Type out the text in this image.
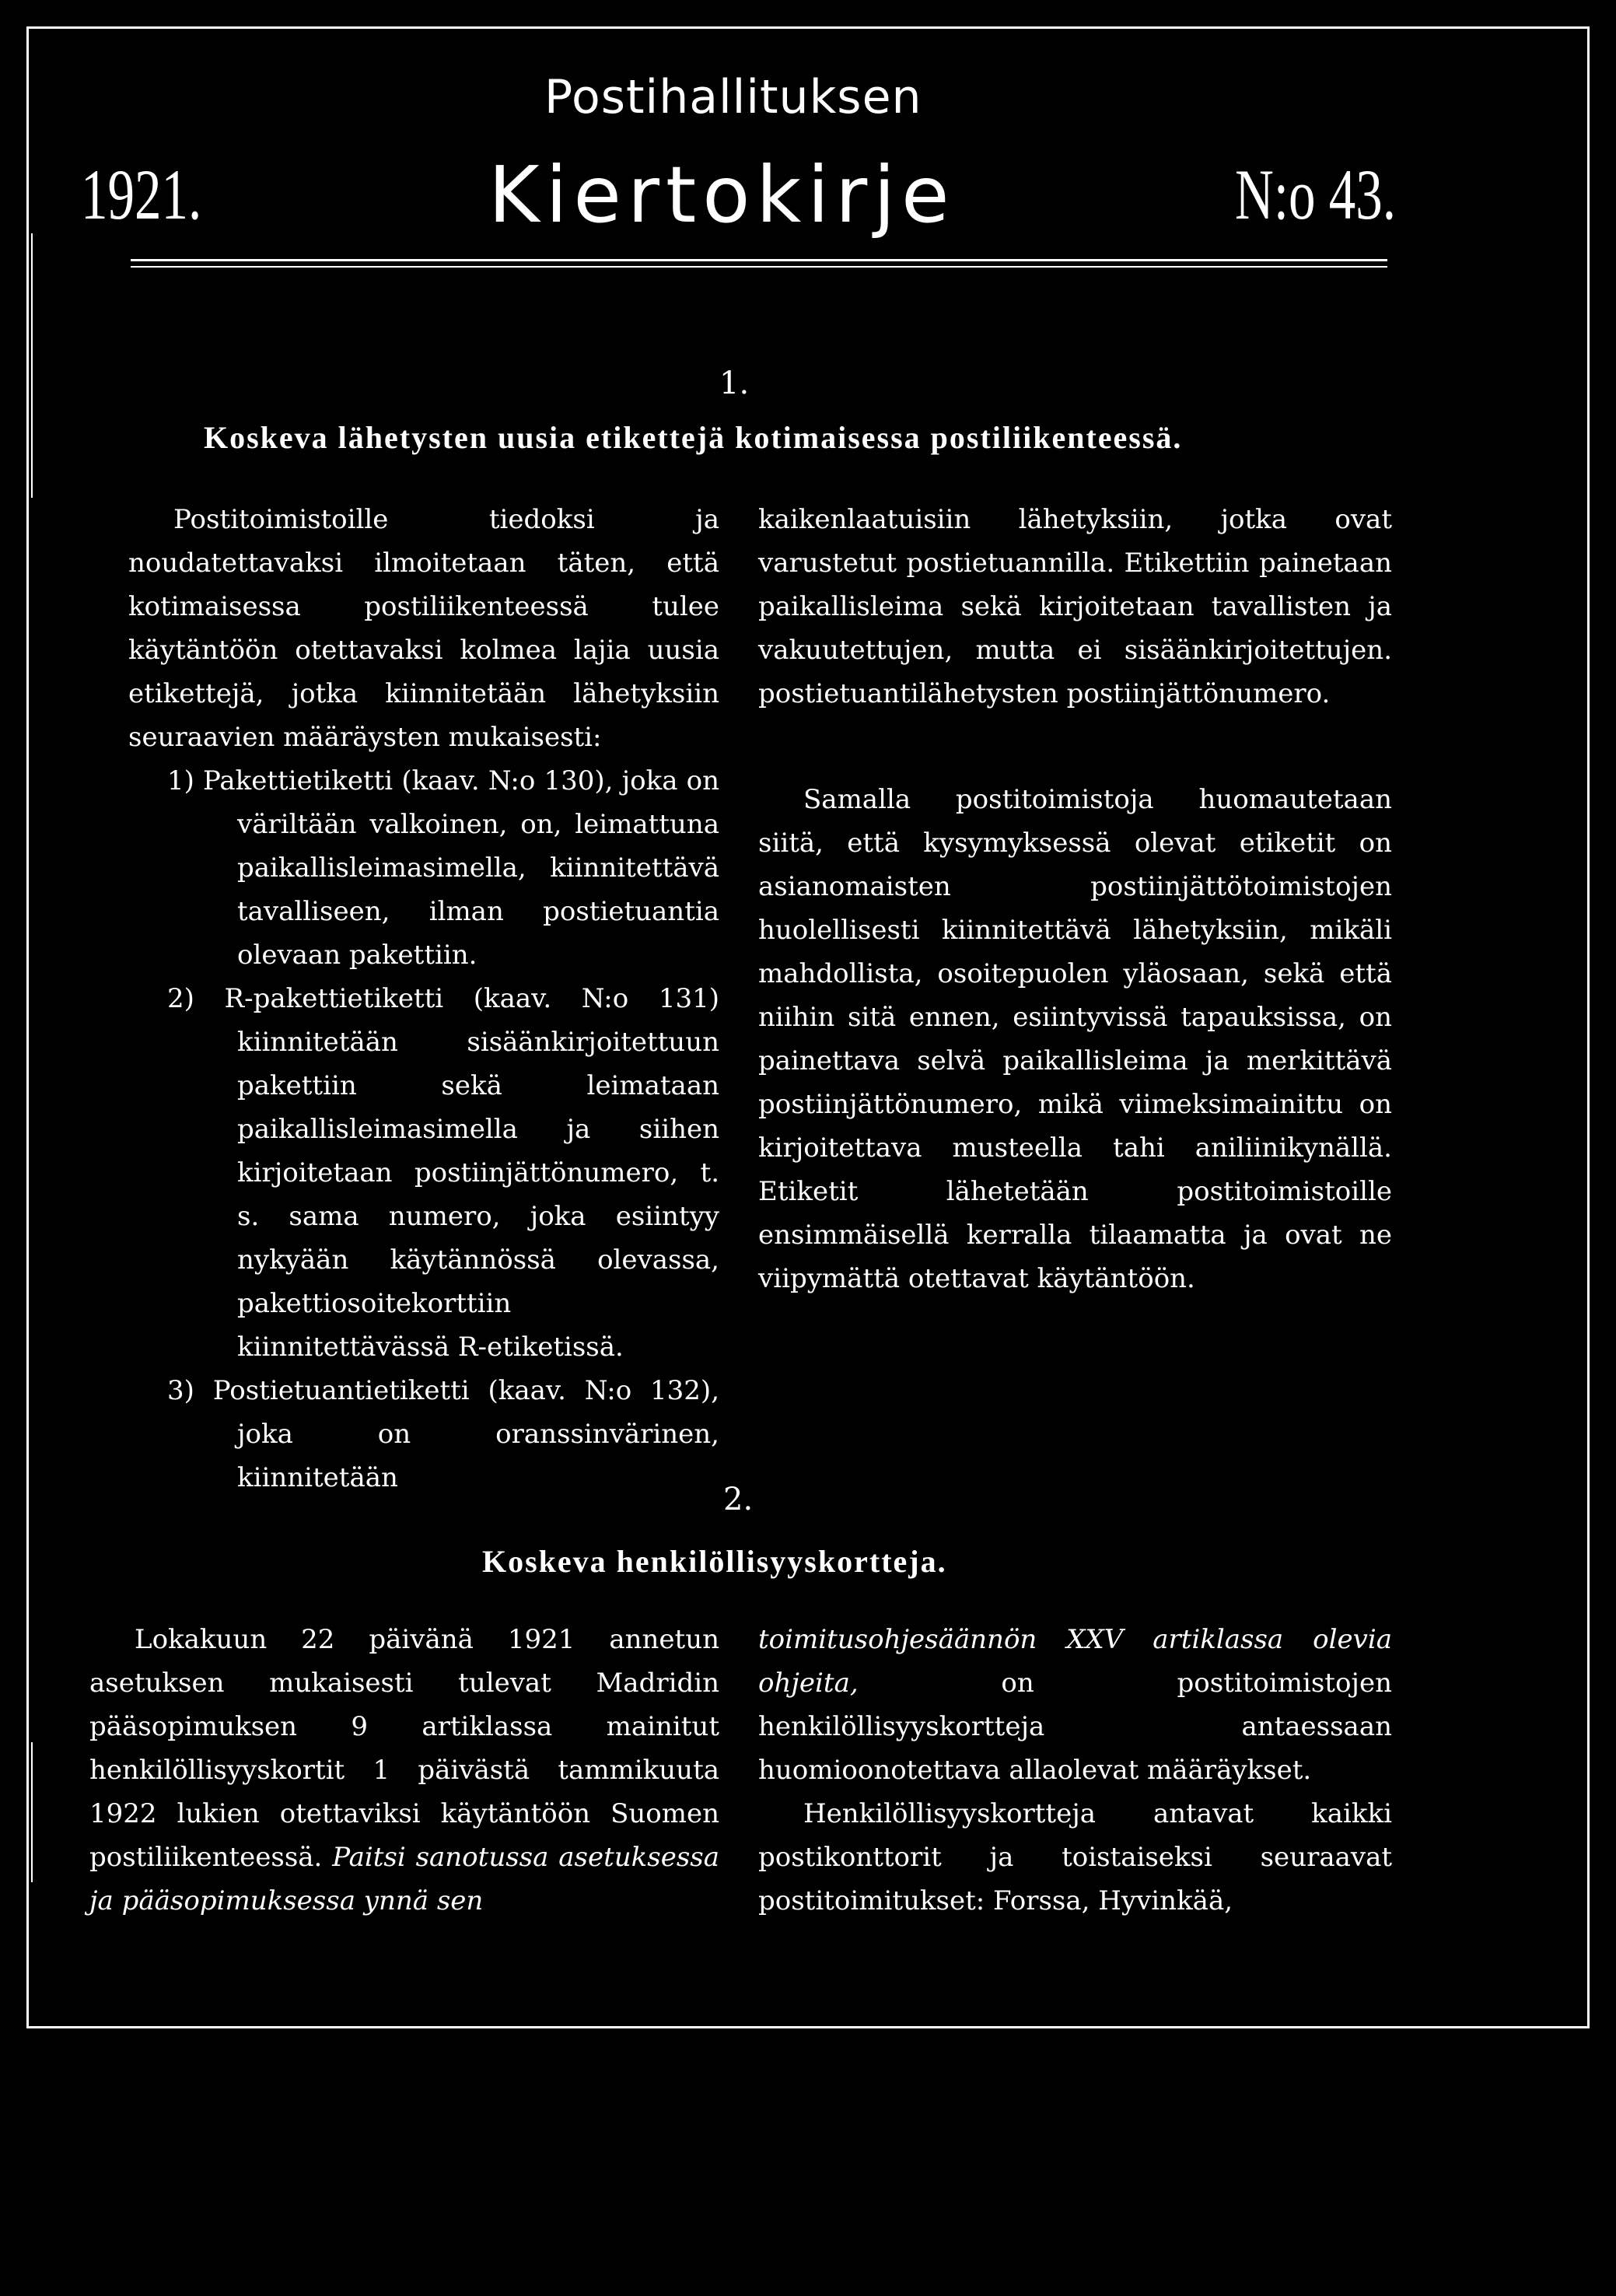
Postihallituksen
1921.	Kiertokirje	N:o 43.
1.
Koskeva lähetysten uusia etikettejä kotimaisessa postiliikenteessä.

Postitoimistoille tiedoksi ja noudatettavaksi ilmoitetaan täten, että kotimaisessa postiliikenteessä tulee käytäntöön otettavaksi kolmea lajia uusia etikettejä, jotka kiinnitetään lähetyksiin seuraavien määräysten mukaisesti:

1) Pakettietiketti (kaav. N:o 130), joka on väriltään valkoinen, on, leimattuna paikallisleimasimella, kiinnitettävä tavalliseen, ilman postietuantia olevaan pakettiin.

2) R-pakettietiketti (kaav. N:o 131) kiinnitetään sisäänkirjoitettuun pakettiin sekä leimataan paikallisleimasimella ja siihen kirjoitetaan postiinjättönumero, t. s. sama numero, joka esiintyy nykyään käytännössä olevassa, pakettiosoitekorttiin kiinnitettävässä R-etiketissä.

3) Postietuantietiketti (kaav. N:o 132), joka on oranssinvärinen, kiinnitetään

kaikenlaatuisiin lähetyksiin, jotka ovat varustetut postietuannilla. Etikettiin painetaan paikallisleima sekä kirjoitetaan tavallisten ja vakuutettujen, mutta ei sisäänkirjoitettujen. postietuantilähetysten postiinjättönumero.

Samalla postitoimistoja huomautetaan siitä, että kysymyksessä olevat etiketit on asianomaisten postiinjättötoimistojen huolellisesti kiinnitettävä lähetyksiin, mikäli mahdollista, osoitepuolen yläosaan, sekä että niihin sitä ennen, esiintyvissä tapauksissa, on painettava selvä paikallisleima ja merkittävä postiinjättönumero, mikä viimeksimainittu on kirjoitettava musteella tahi aniliinikynällä. Etiketit lähetetään postitoimistoille ensimmäisellä kerralla tilaamatta ja ovat ne viipymättä otettavat käytäntöön.

2.
Koskeva henkilöllisyyskortteja.

Lokakuun 22 päivänä 1921 annetun asetuksen mukaisesti tulevat Madridin pääsopimuksen 9 artiklassa mainitut henkilöllisyyskortit 1 päivästä tammikuuta 1922 lukien otettaviksi käytäntöön Suomen postiliikenteessä. Paitsi sanotussa asetuksessa ja pääsopimuksessa ynnä sen

toimitusohjesäännön XXV artiklassa olevia ohjeita,	on postitoimistojen henkilöllisyyskortteja antaessaan huomioonotettava allaolevat määräykset.

Henkilöllisyyskortteja antavat kaikki postikonttorit ja toistaiseksi seuraavat postitoimitukset: Forssa, Hyvinkää,
